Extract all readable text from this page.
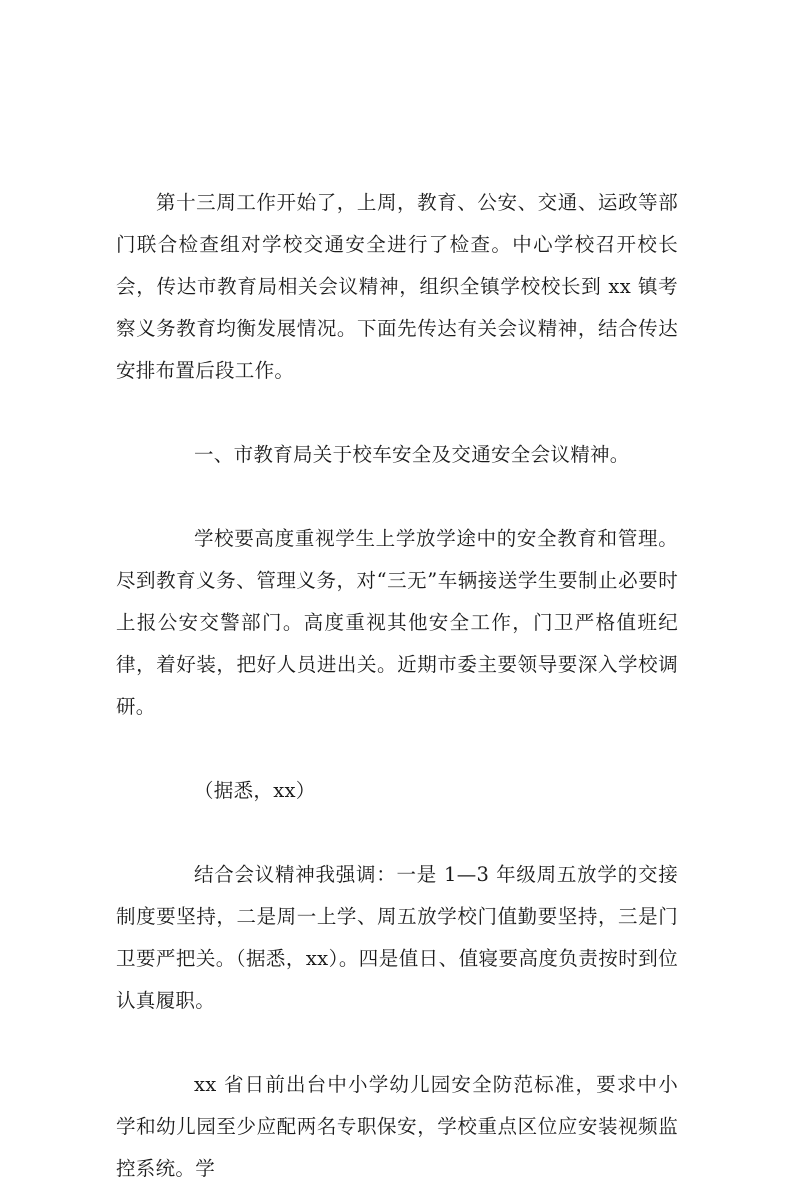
第十三周工作开始了，上周，教育、公安、交通、运政等部门联合检查组对学校交通安全进行了检查。中心学校召开校长会，传达市教育局相关会议精神，组织全镇学校校长到 xx 镇考察义务教育均衡发展情况。下面先传达有关会议精神，结合传达安排布置后段工作。

一、市教育局关于校车安全及交通安全会议精神。

学校要高度重视学生上学放学途中的安全教育和管理。尽到教育义务、管理义务，对“三无”车辆接送学生要制止必要时上报公安交警部门。高度重视其他安全工作，门卫严格值班纪律，着好装，把好人员进出关。近期市委主要领导要深入学校调研。

（据悉，xx）

结合会议精神我强调：一是 1—3 年级周五放学的交接制度要坚持，二是周一上学、周五放学校门值勤要坚持，三是门卫要严把关。（据悉，xx）。四是值日、值寝要高度负责按时到位认真履职。

xx 省日前出台中小学幼儿园安全防范标准，要求中小学和幼儿园至少应配两名专职保安，学校重点区位应安装视频监控系统。学
